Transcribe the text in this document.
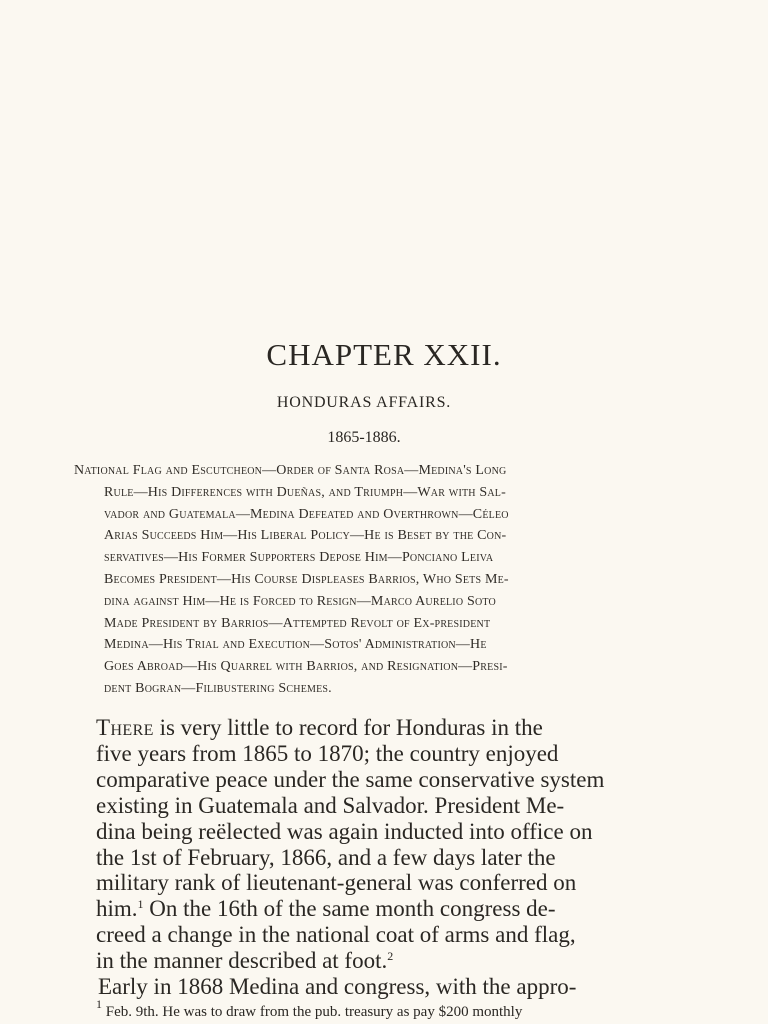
CHAPTER XXII.
HONDURAS AFFAIRS.
1865-1886.
National Flag and Escutcheon—Order of Santa Rosa—Medina's Long
Rule—His Differences with Dueñas, and Triumph—War with Sal-
vador and Guatemala—Medina Defeated and Overthrown—Céleo
Arias Succeeds Him—His Liberal Policy—He is Beset by the Con-
servatives—His Former Supporters Depose Him—Ponciano Leiva
Becomes President—His Course Displeases Barrios, Who Sets Me-
dina against Him—He is Forced to Resign—Marco Aurelio Soto
Made President by Barrios—Attempted Revolt of Ex-president
Medina—His Trial and Execution—Sotos' Administration—He
Goes Abroad—His Quarrel with Barrios, and Resignation—Presi-
dent Bogran—Filibustering Schemes.
There is very little to record for Honduras in the
five years from 1865 to 1870; the country enjoyed
comparative peace under the same conservative system
existing in Guatemala and Salvador. President Me-
dina being reëlected was again inducted into office on
the 1st of February, 1866, and a few days later the
military rank of lieutenant-general was conferred on
him.$^1$ On the 16th of the same month congress de-
creed a change in the national coat of arms and flag,
in the manner described at foot.$^2$
Early in 1868 Medina and congress, with the appro-
$^1$ Feb. 9th. He was to draw from the pub. treasury as pay $200 monthly
